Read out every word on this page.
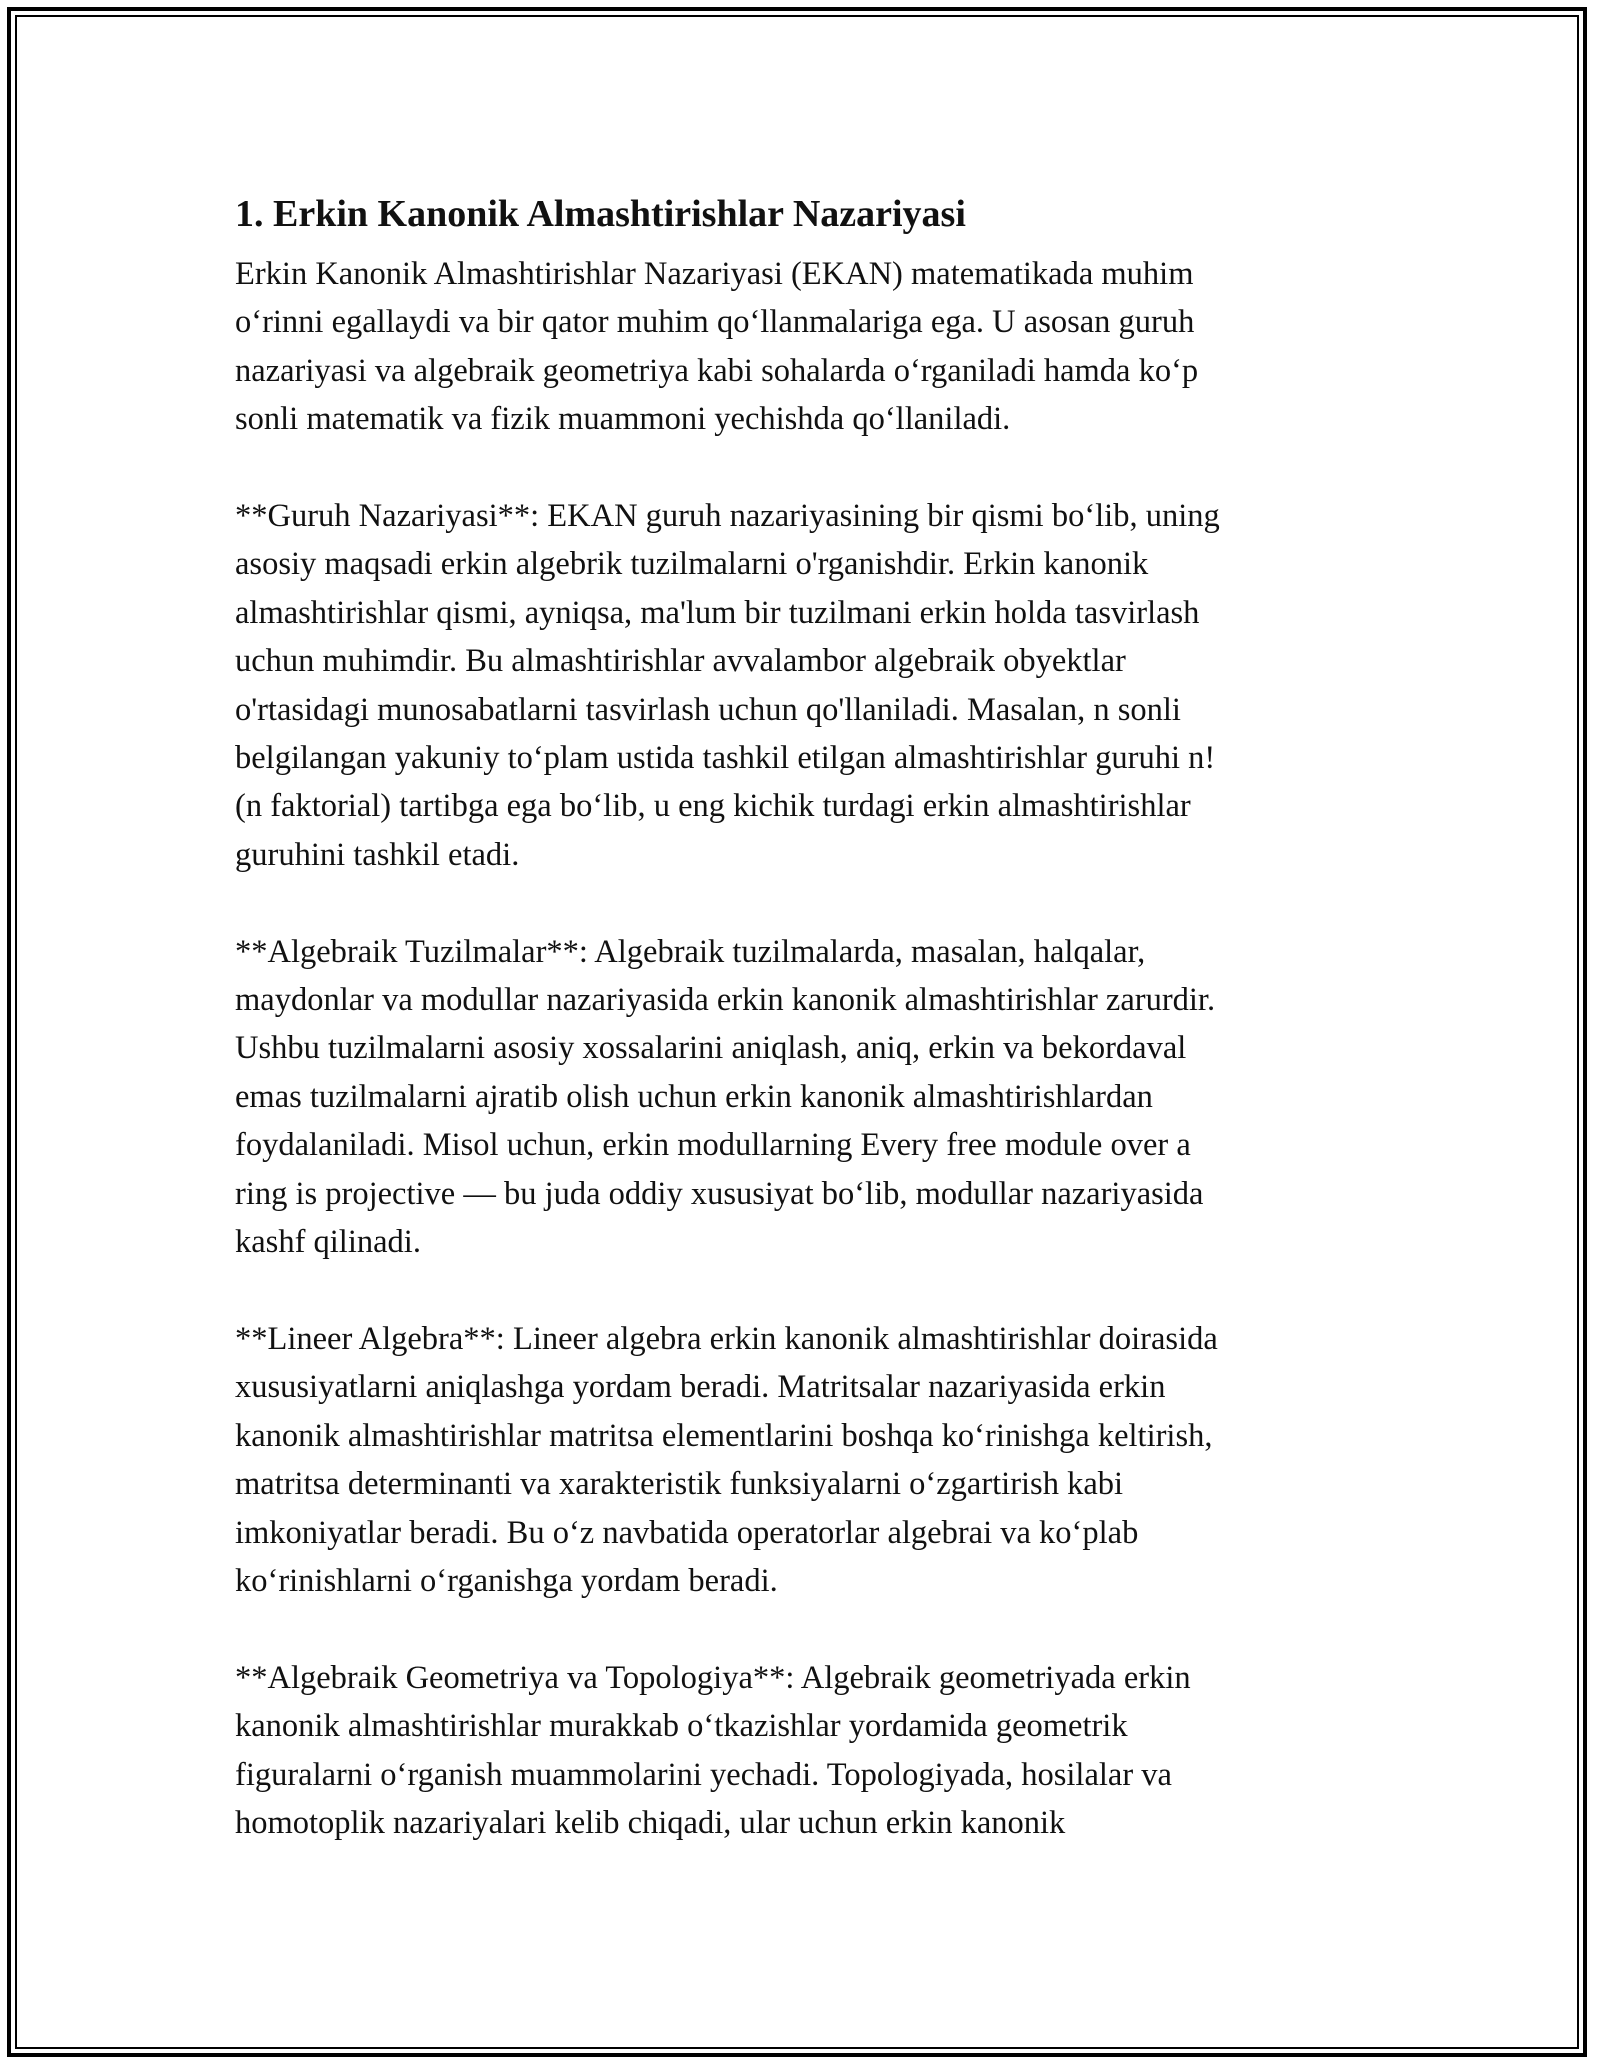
1. Erkin Kanonik Almashtirishlar Nazariyasi

Erkin Kanonik Almashtirishlar Nazariyasi (EKAN) matematikada muhim
o‘rinni egallaydi va bir qator muhim qo‘llanmalariga ega. U asosan guruh
nazariyasi va algebraik geometriya kabi sohalarda o‘rganiladi hamda ko‘p
sonli matematik va fizik muammoni yechishda qo‘llaniladi.

**Guruh Nazariyasi**: EKAN guruh nazariyasining bir qismi bo‘lib, uning
asosiy maqsadi erkin algebrik tuzilmalarni o'rganishdir. Erkin kanonik
almashtirishlar qismi, ayniqsa, ma'lum bir tuzilmani erkin holda tasvirlash
uchun muhimdir. Bu almashtirishlar avvalambor algebraik obyektlar
o'rtasidagi munosabatlarni tasvirlash uchun qo'llaniladi. Masalan, n sonli
belgilangan yakuniy to‘plam ustida tashkil etilgan almashtirishlar guruhi n!
(n faktorial) tartibga ega bo‘lib, u eng kichik turdagi erkin almashtirishlar
guruhini tashkil etadi.

**Algebraik Tuzilmalar**: Algebraik tuzilmalarda, masalan, halqalar,
maydonlar va modullar nazariyasida erkin kanonik almashtirishlar zarurdir.
Ushbu tuzilmalarni asosiy xossalarini aniqlash, aniq, erkin va bekordaval
emas tuzilmalarni ajratib olish uchun erkin kanonik almashtirishlardan
foydalaniladi. Misol uchun, erkin modullarning Every free module over a
ring is projective — bu juda oddiy xususiyat bo‘lib, modullar nazariyasida
kashf qilinadi.

**Lineer Algebra**: Lineer algebra erkin kanonik almashtirishlar doirasida
xususiyatlarni aniqlashga yordam beradi. Matritsalar nazariyasida erkin
kanonik almashtirishlar matritsa elementlarini boshqa ko‘rinishga keltirish,
matritsa determinanti va xarakteristik funksiyalarni o‘zgartirish kabi
imkoniyatlar beradi. Bu o‘z navbatida operatorlar algebrai va ko‘plab
ko‘rinishlarni o‘rganishga yordam beradi.

**Algebraik Geometriya va Topologiya**: Algebraik geometriyada erkin
kanonik almashtirishlar murakkab o‘tkazishlar yordamida geometrik
figuralarni o‘rganish muammolarini yechadi. Topologiyada, hosilalar va
homotoplik nazariyalari kelib chiqadi, ular uchun erkin kanonik
